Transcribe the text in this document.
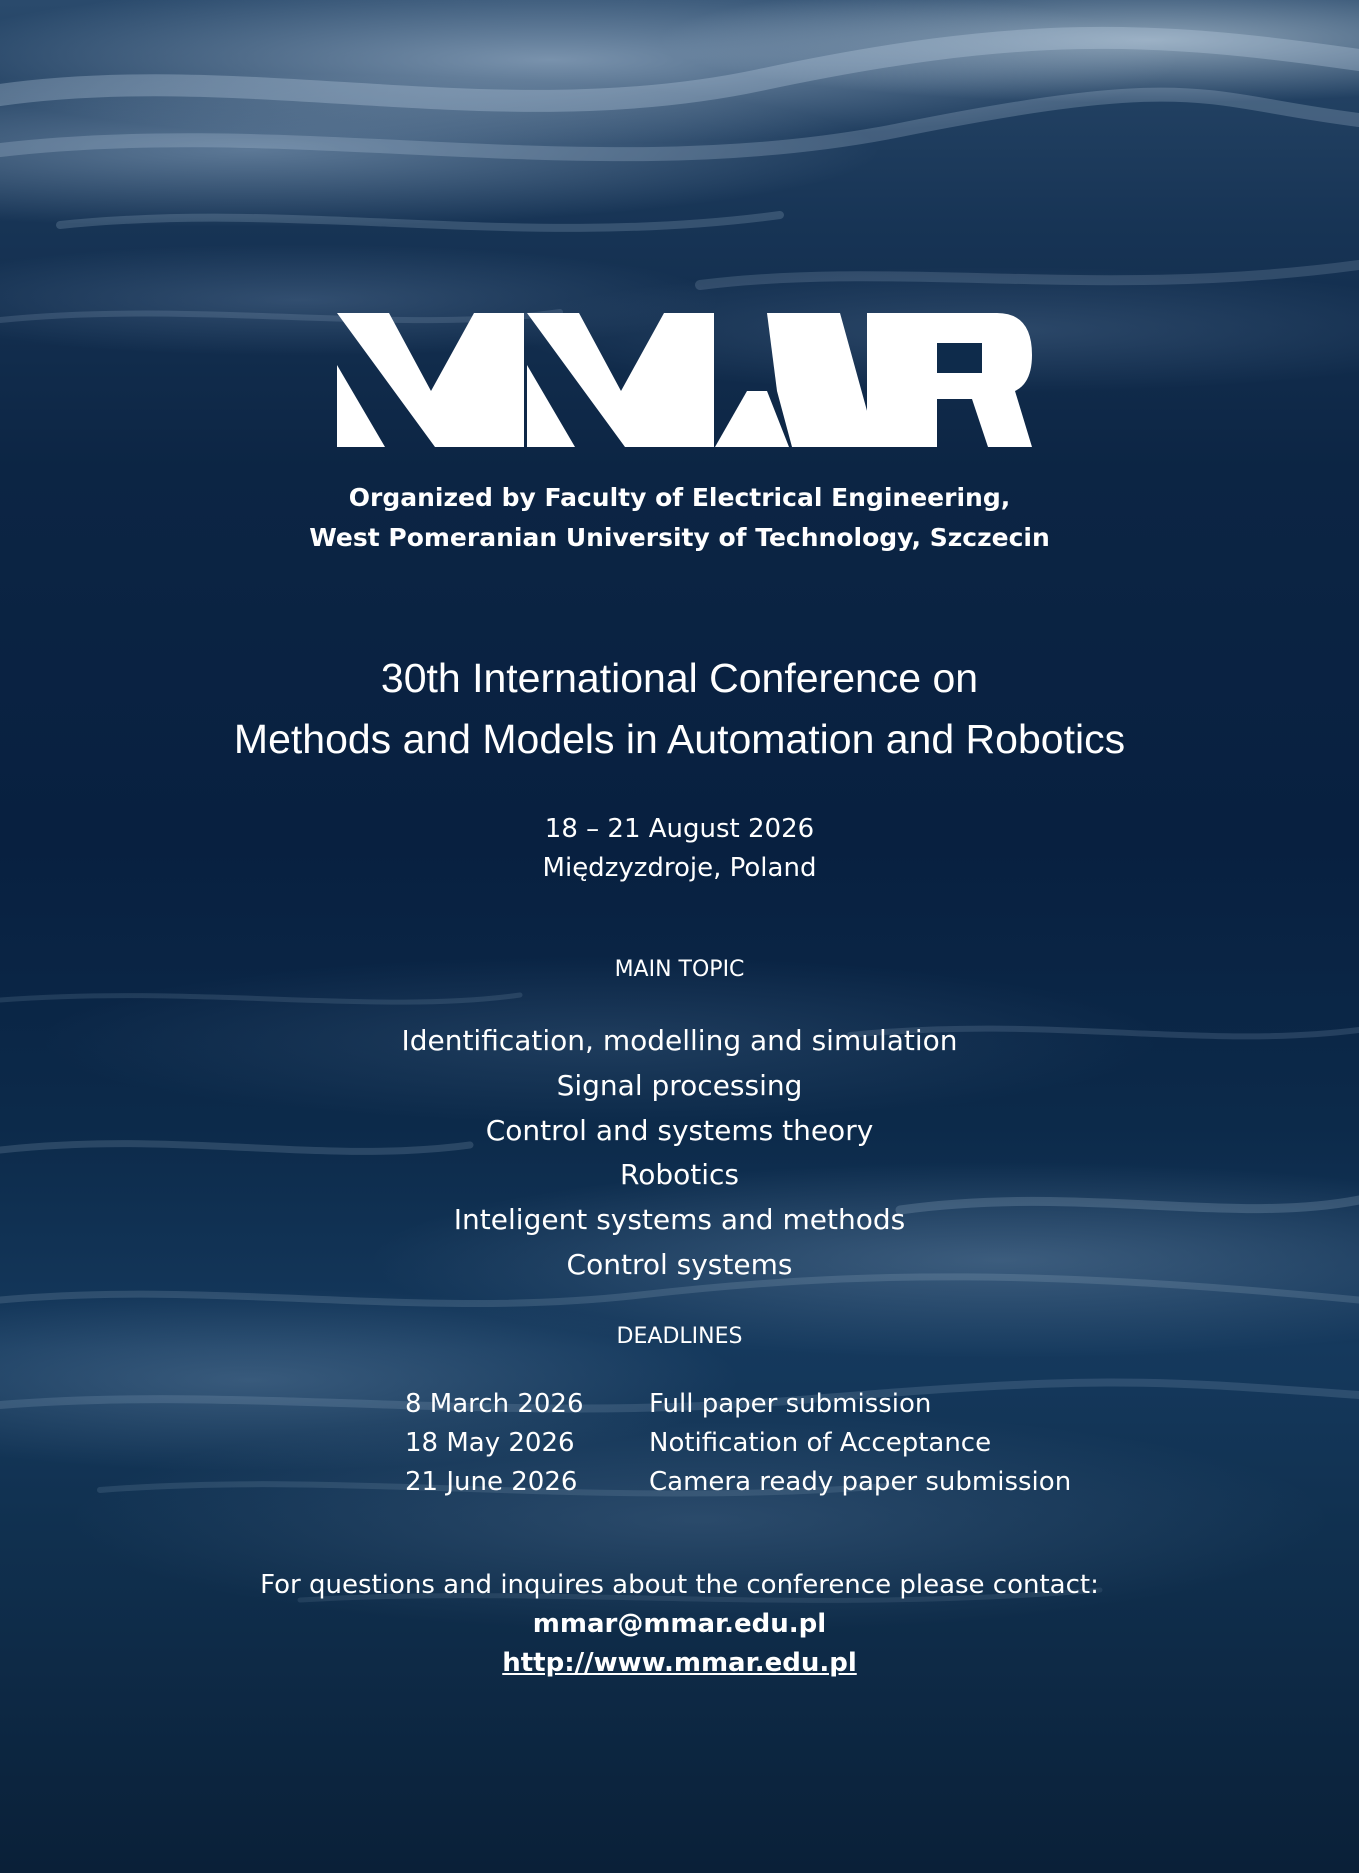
Organized by Faculty of Electrical Engineering,
West Pomeranian University of Technology, Szczecin
30th International Conference on
Methods and Models in Automation and Robotics
18 – 21 August 2026
Międzyzdroje, Poland
MAIN TOPIC
Identification, modelling and simulation
Signal processing
Control and systems theory
Robotics
Inteligent systems and methods
Control systems
DEADLINES
8 March 2026	Full paper submission
18 May 2026	Notification of Acceptance
21 June 2026	Camera ready paper submission
For questions and inquires about the conference please contact:
mmar@mmar.edu.pl
http://www.mmar.edu.pl
